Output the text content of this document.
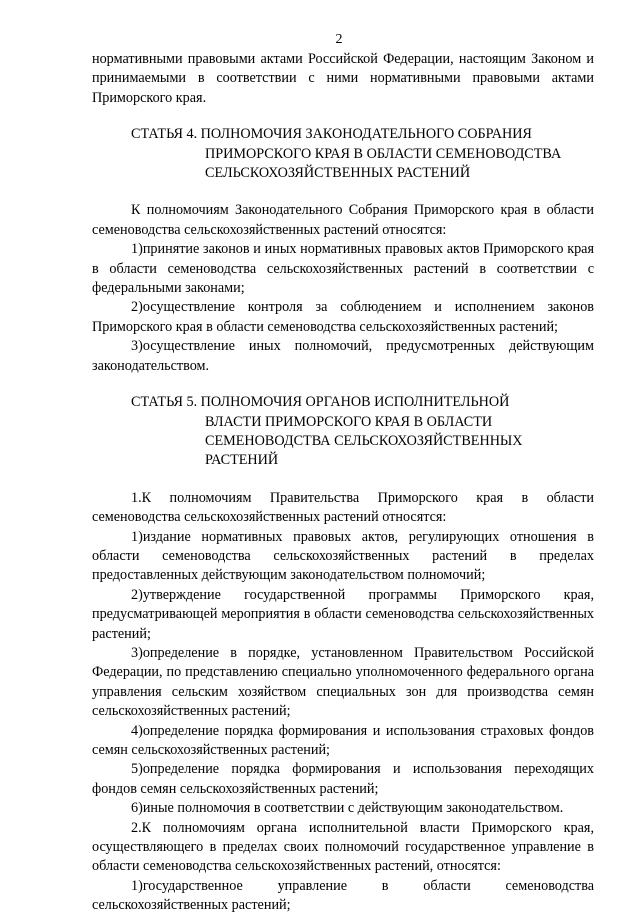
2

нормативными правовыми актами Российской Федерации, настоящим Законом и принимаемыми в соответствии с ними нормативными правовыми актами Приморского края.

СТАТЬЯ 4. ПОЛНОМОЧИЯ ЗАКОНОДАТЕЛЬНОГО СОБРАНИЯ
ПРИМОРСКОГО КРАЯ В ОБЛАСТИ СЕМЕНОВОДСТВА
СЕЛЬСКОХОЗЯЙСТВЕННЫХ РАСТЕНИЙ

К полномочиям Законодательного Собрания Приморского края в области семеноводства сельскохозяйственных растений относятся:

1)принятие законов и иных нормативных правовых актов Приморского края в области семеноводства сельскохозяйственных растений в соответствии с федеральными законами;

2)осуществление контроля за соблюдением и исполнением законов Приморского края в области семеноводства сельскохозяйственных растений;

3)осуществление иных полномочий, предусмотренных действующим законодательством.

СТАТЬЯ 5. ПОЛНОМОЧИЯ ОРГАНОВ ИСПОЛНИТЕЛЬНОЙ
ВЛАСТИ ПРИМОРСКОГО КРАЯ В ОБЛАСТИ
СЕМЕНОВОДСТВА СЕЛЬСКОХОЗЯЙСТВЕННЫХ
РАСТЕНИЙ

1.К полномочиям Правительства Приморского края в области семеноводства сельскохозяйственных растений относятся:

1)издание нормативных правовых актов, регулирующих отношения в области семеноводства сельскохозяйственных растений в пределах предоставленных действующим законодательством полномочий;

2)утверждение государственной программы Приморского края, предусматривающей мероприятия в области семеноводства сельскохозяйственных растений;

3)определение в порядке, установленном Правительством Российской Федерации, по представлению специально уполномоченного федерального органа управления сельским хозяйством специальных зон для производства семян сельскохозяйственных растений;

4)определение порядка формирования и использования страховых фондов семян сельскохозяйственных растений;

5)определение порядка формирования и использования переходящих фондов семян сельскохозяйственных растений;

6)иные полномочия в соответствии с действующим законодательством.

2.К полномочиям органа исполнительной власти Приморского края, осуществляющего в пределах своих полномочий государственное управление в области семеноводства сельскохозяйственных растений, относятся:

1)государственное управление в области семеноводства сельскохозяйственных растений;
